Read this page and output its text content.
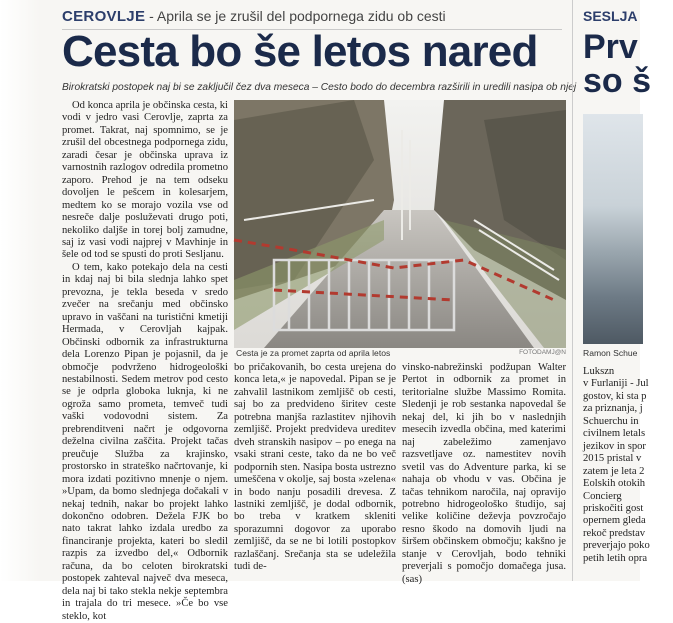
CEROVLJE - Aprila se je zrušil del podpornega zidu ob cesti
Cesta bo še letos nared
Birokratski postopek naj bi se zaključil čez dva meseca – Cesto bodo do decembra razširili in uredili nasipa ob njej

Od konca aprila je občinska cesta, ki vodi v jedro vasi Cerovlje, zaprta za promet. Takrat, naj spomnimo, se je zrušil del obcestnega podpornega zidu, zaradi česar je občinska uprava iz varnostnih razlogov odredila prometno zaporo. Prehod je na tem odseku dovoljen le pešcem in kolesarjem, medtem ko se morajo vozila vse od nesreče dalje posluževati drugo poti, nekoliko daljše in torej bolj zamudne, saj iz vasi vodi najprej v Mavhinje in šele od tod se spusti do proti Sesljanu.

O tem, kako potekajo dela na cesti in kdaj naj bi bila slednja lahko spet prevozna, je tekla beseda v sredo zvečer na srečanju med občinsko upravo in vaščani na turistični kmetiji Hermada, v Cerovljah kajpak. Občinski odbornik za infrastrukturna dela Lorenzo Pipan je pojasnil, da je območje podvrženo hidrogeološki nestabilnosti. Sedem metrov pod cesto se je odprla globoka luknja, ki ne ogroža samo prometa, temveč tudi vaški vodovodni sistem. Za prebrenditveni načrt je odgovorna deželna civilna zaščita. Projekt tačas preučuje Služba za krajinsko, prostorsko in strateško načrtovanje, ki mora izdati pozitivno mnenje o njem. »Upam, da bomo slednjega dočakali v nekaj tednih, nakar bo projekt lahko dokončno odobren. Dežela FJK bo nato takrat lahko izdala uredbo za financiranje projekta, kateri bo sledil razpis za izvedbo del,« Odbornik računa, da bo celoten birokratski postopek zahteval največ dva meseca, dela naj bi tako stekla nekje septembra in trajala do tri mesece. »Če bo vse steklo, kot

Cesta je za promet zaprta od aprila letos	FOTODAMJ@N

bo pričakovanih, bo cesta urejena do konca leta,« je napovedal. Pipan se je zahvalil lastnikom zemljišč ob cesti, saj bo za predvideno širitev ceste potrebna manjša razlastitev njihovih zemljišč. Projekt predvideva ureditev dveh stranskih nasipov – po enega na vsaki strani ceste, tako da ne bo več podpornih sten. Nasipa bosta ustrezno umeščena v okolje, saj bosta »zelena« in bodo nanju posadili drevesa. Z lastniki zemljišč, je dodal odbornik, bo treba v kratkem skleniti sporazumni dogovor za uporabo zemljišč, da se ne bi lotili postopkov razlaščanj. Srečanja sta se udeležila tudi de-

vinsko-nabrežinski podžupan Walter Pertot in odbornik za promet in teritorialne službe Massimo Romita. Sledenji je rob sestanka napovedal še nekaj del, ki jih bo v naslednjih mesecih izvedla občina, med katerimi naj zabeležimo zamenjavo razsvetljave oz. namestitev novih svetil vas do Adventure parka, ki se nahaja ob vhodu v vas. Občina je tačas tehnikom naročila, naj opravijo potrebno hidrogeološko študijo, saj velike količine deževja povzročajo resno škodo na domovih ljudi na širšem občinskem območju; kakšno je stanje v Cerovljah, bodo tehniki preverjali s pomočjo domačega jusa. (sas)

SESLJA
Prv
so š
Ramon Schue
Lukszn
v Furlaniji - Jul
gostov, ki sta p
za priznanja, j
Schuerchu in
civilnem letals
jezikov in spor
2015 pristal v
zatem je leta 2
Eolskih otokih
Concierg
priskočiti gost
opernem gleda
rekoč predstav
preverjajo poko
petih letih opra
